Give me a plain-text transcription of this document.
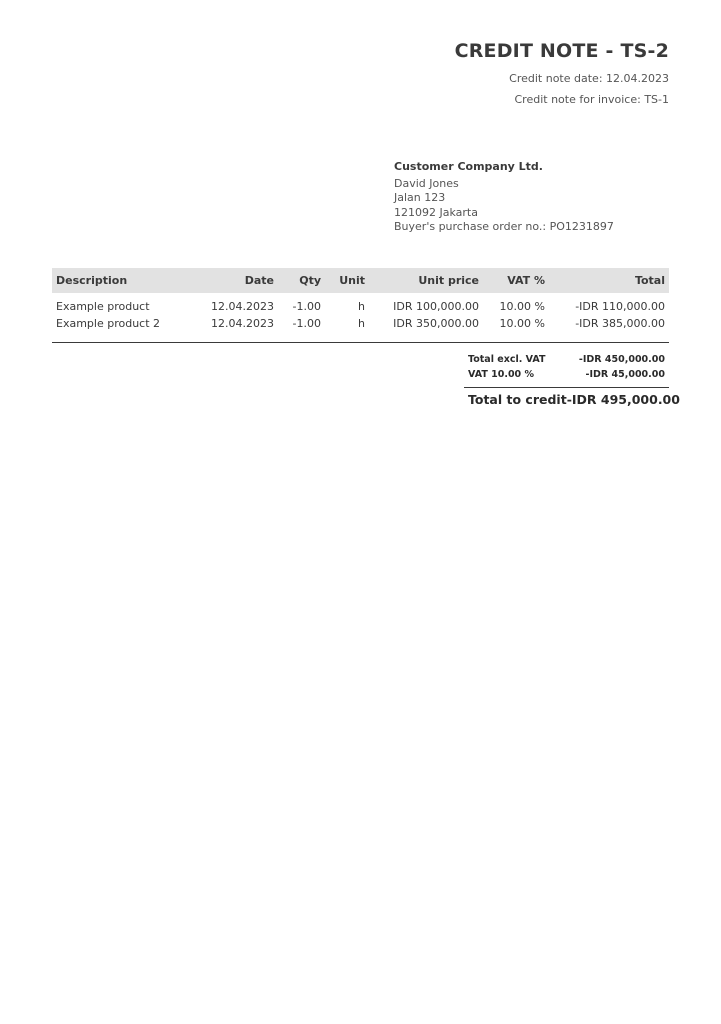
CREDIT NOTE - TS-2
Credit note date: 12.04.2023
Credit note for invoice: TS-1
Customer Company Ltd.
David Jones
Jalan 123
121092 Jakarta
Buyer's purchase order no.: PO1231897
Description	Date	Qty	Unit	Unit price	VAT %	Total
Example product	12.04.2023	-1.00	h	IDR 100,000.00	10.00 %	-IDR 110,000.00
Example product 2	12.04.2023	-1.00	h	IDR 350,000.00	10.00 %	-IDR 385,000.00
Total excl. VAT	-IDR 450,000.00
VAT 10.00 %	-IDR 45,000.00
Total to credit -IDR 495,000.00
